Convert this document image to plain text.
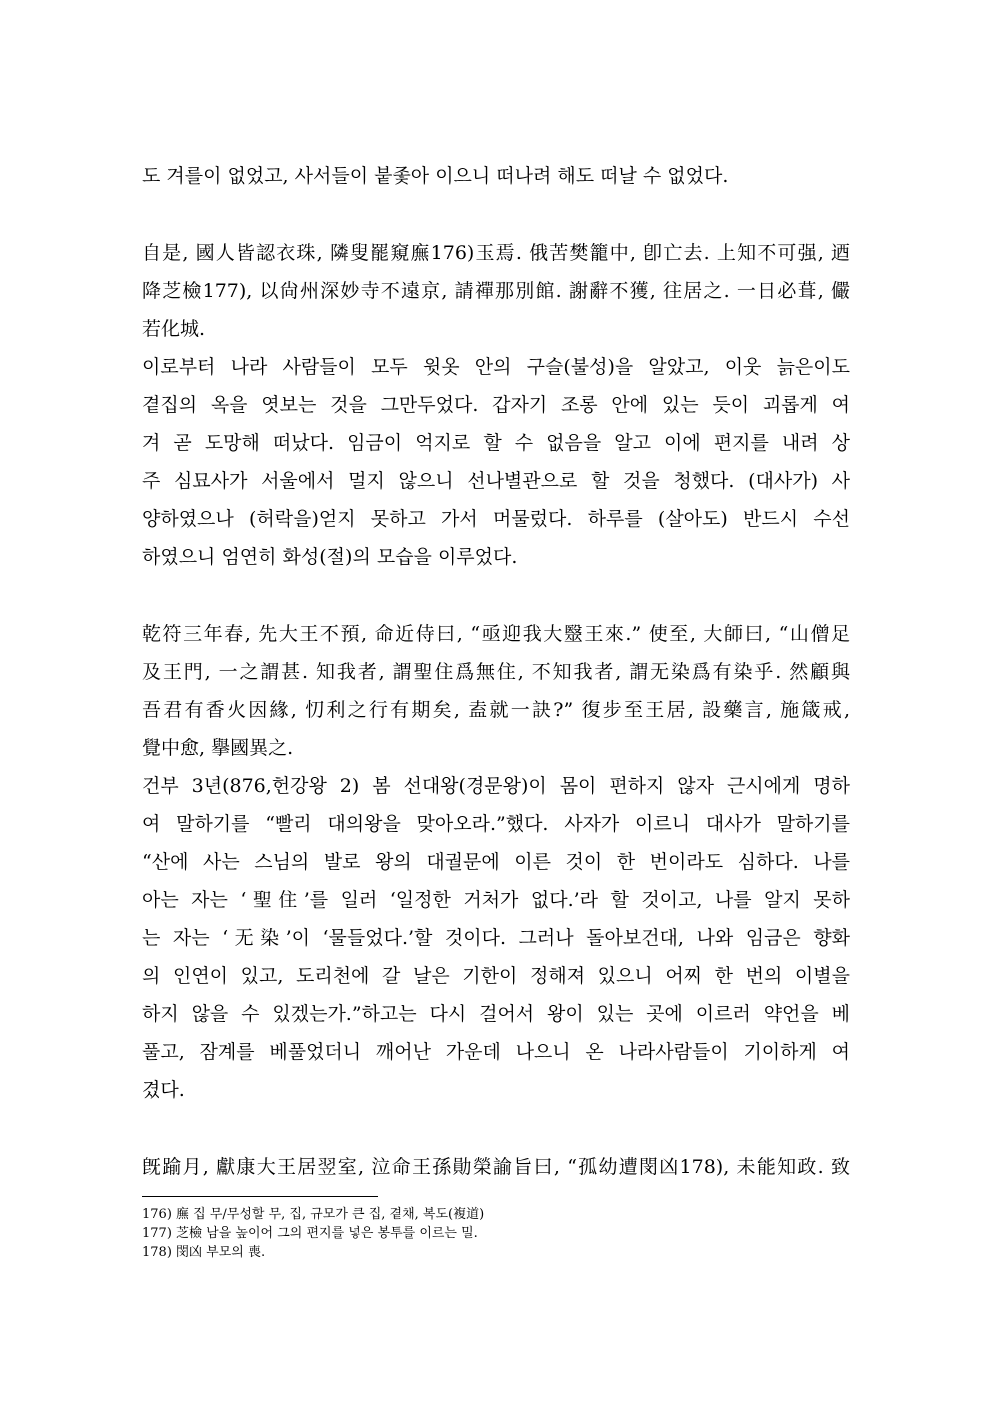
도 겨를이 없었고, 사서들이 붙좇아 이으니 떠나려 해도 떠날 수 없었다.
自是, 國人皆認衣珠, 隣叟罷窺廡176)玉焉. 俄苦樊籠中, 卽亡去. 上知不可强, 迺
降芝檢177), 以尙州深妙寺不遠京, 請禪那別館. 謝辭不獲, 往居之. 一日必葺, 儼
若化城.
이로부터 나라 사람들이 모두 윗옷 안의 구슬(불성)을 알았고, 이웃 늙은이도
곁집의 옥을 엿보는 것을 그만두었다. 갑자기 조롱 안에 있는 듯이 괴롭게 여
겨 곧 도망해 떠났다. 임금이 억지로 할 수 없음을 알고 이에 편지를 내려 상
주 심묘사가 서울에서 멀지 않으니 선나별관으로 할 것을 청했다. (대사가) 사
양하였으나 (허락을)얻지 못하고 가서 머물렀다. 하루를 (살아도) 반드시 수선
하였으니 엄연히 화성(절)의 모습을 이루었다.
乾符三年春, 先大王不預, 命近侍曰, “亟迎我大毉王來.” 使至, 大師曰, “山僧足
及王門, 一之謂甚. 知我者, 謂聖住爲無住, 不知我者, 謂无染爲有染乎. 然顧與
吾君有香火因緣, 忉利之行有期矣, 盍就一訣?” 復步至王居, 設藥言, 施箴戒,
覺中愈, 擧國異之.
건부 3년(876,헌강왕 2) 봄 선대왕(경문왕)이 몸이 편하지 않자 근시에게 명하
여 말하기를 “빨리 대의왕을 맞아오라.”했다. 사자가 이르니 대사가 말하기를
“산에 사는 스님의 발로 왕의 대궐문에 이른 것이 한 번이라도 심하다. 나를
아는 자는 ‘聖住’를 일러 ‘일정한 거처가 없다.’라 할 것이고, 나를 알지 못하
는 자는 ‘无染’이 ‘물들었다.’할 것이다. 그러나 돌아보건대, 나와 임금은 향화
의 인연이 있고, 도리천에 갈 날은 기한이 정해져 있으니 어찌 한 번의 이별을
하지 않을 수 있겠는가.”하고는 다시 걸어서 왕이 있는 곳에 이르러 약언을 베
풀고, 잠계를 베풀었더니 깨어난 가운데 나으니 온 나라사람들이 기이하게 여
겼다.
旣踰月, 獻康大王居翌室, 泣命王孫勛榮諭旨曰, “孤幼遭閔凶178), 未能知政. 致
176) 廡 집 무/무성할 무, 집, 규모가 큰 집, 곁채, 복도(複道)
177) 芝檢 남을 높이어 그의 편지를 넣은 봉투를 이르는 밀.
178) 閔凶 부모의 喪.
